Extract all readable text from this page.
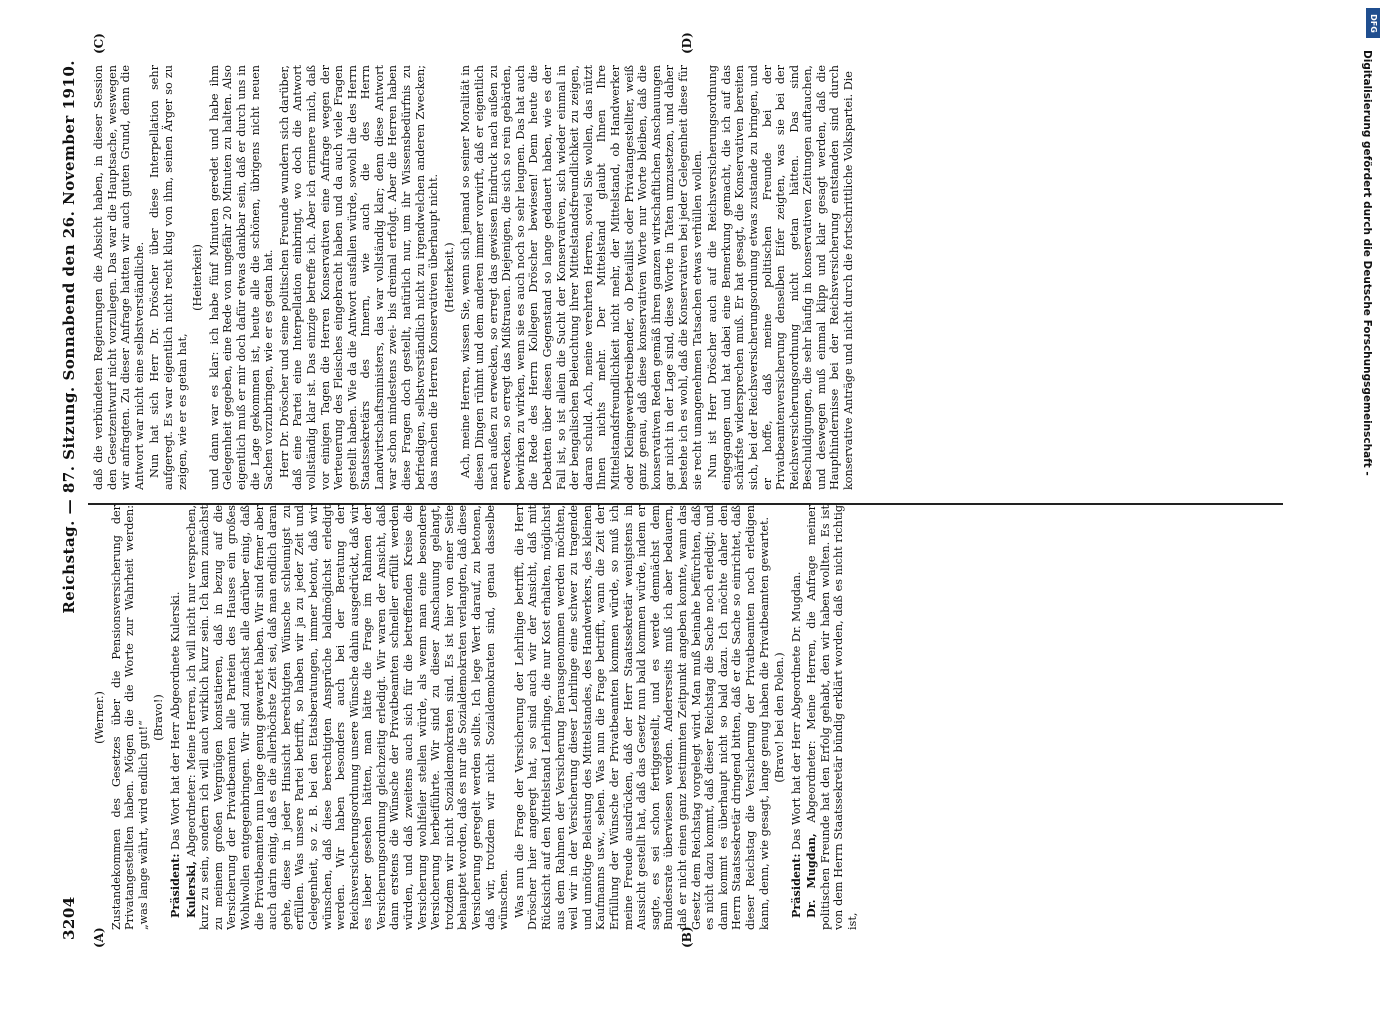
3204
Reichstag. — 87. Sitzung.
Sonnabend den 26. November 1910.
(A)	(B)
(C)	(D)

(Werner.) Zustandekommen des Gesetzes über die Pensionsversicherung der Privatangestellten haben. Mögen die die Worte zur Wahrheit werden: „was lange währt, wird endlich gut!“

(Bravo!)

Präsident: Das Wort hat der Herr Abgeordnete Kulerski.

Kulerski, Abgeordneter: Meine Herren, ich will nicht nur versprechen, kurz zu sein, sondern ich will auch wirklich kurz sein. Ich kann zunächst zu meinem großen Vergnügen konstatieren, daß in bezug auf die Versicherung der Privatbeamten alle Parteien des Hauses ein großes Wohlwollen entgegenbringen. Wir sind zunächst alle darüber einig, daß die Privatbeamten nun lange genug gewartet haben. Wir sind ferner aber auch darin einig, daß es die allerhöchste Zeit sei, daß man endlich daran gehe, diese in jeder Hinsicht berechtigten Wünsche schleunigst zu erfüllen. Was unsere Partei betrifft, so haben wir ja zu jeder Zeit und Gelegenheit, so z. B. bei den Etatsberatungen, immer betont, daß wir wünschen, daß diese berechtigten Ansprüche baldmöglichst erledigt werden. Wir haben besonders auch bei der Beratung der Reichsversicherungsordnung unsere Wünsche dahin ausgedrückt, daß wir es lieber gesehen hätten, man hätte die Frage im Rahmen der Versicherungsordnung gleichzeitig erledigt. Wir waren der Ansicht, daß dann erstens die Wünsche der Privatbeamten schneller erfüllt werden würden, und daß zweitens auch sich für die betreffenden Kreise die Versicherung wohlfeiler stellen würde, als wenn man eine besondere Versicherung herbeiführte. Wir sind zu dieser Anschauung gelangt, trotzdem wir nicht Sozialdemokraten sind. Es ist hier von einer Seite behauptet worden, daß es nur die Sozialdemokraten verlangten, daß diese Versicherung geregelt werden sollte. Ich lege Wert darauf, zu betonen, daß wir, trotzdem wir nicht Sozialdemokraten sind, genau dasselbe wünschen. Was nun die Frage der Versicherung der Lehrlinge betrifft, die Herr Dröscher hier angeregt hat, so sind auch wir der Ansicht, daß mit Rücksicht auf den Mittelstand Lehrlinge, die nur Kost erhalten, möglichst aus dem Rahmen der Versicherung herausgenommen werden möchten, weil wir in der Versicherung dieser Lehrlinge eine schwer zu tragende und unnötige Belastung des Mittelstandes, des Handwerkers, des kleinen Kaufmanns usw., sehen. Was nun die Frage betrifft, wann die Zeit der Erfüllung der Wünsche der Privatbeamten kommen würde, so muß ich meine Freude ausdrücken, daß der Herr Staatssekretär wenigstens in Aussicht gestellt hat, daß das Gesetz nun bald kommen würde, indem er sagte, es sei schon fertiggestellt, und es werde demnächst dem Bundesrate überwiesen werden. Andererseits muß ich aber bedauern, daß er nicht einen ganz bestimmten Zeitpunkt angeben konnte, wann das Gesetz dem Reichstag vorgelegt wird. Man muß beinahe befürchten, daß es nicht dazu kommt, daß dieser Reichstag die Sache noch erledigt; und dann kommt es überhaupt nicht so bald dazu. Ich möchte daher den Herrn Staatssekretär dringend bitten, daß er die Sache so einrichtet, daß dieser Reichstag die Versicherung der Privatbeamten noch erledigen kann, denn, wie gesagt, lange genug haben die Privatbeamten gewartet. (Bravo! bei den Polen.)

Präsident: Das Wort hat der Herr Abgeordnete Dr. Mugdan.

Dr. Mugdan, Abgeordneter: Meine Herren, die Anfrage meiner politischen Freunde hat den Erfolg gehabt, den wir haben wollten. Es ist von dem Herrn Staatssekretär bündig erklärt worden, daß es nicht richtig ist,

daß die verbündeten Regierungen die Absicht haben, in dieser Session den Gesetzentwurf nicht vorzulegen. Das war die Hauptsache, weswegen wir anfragten. Zu dieser Anfrage hatten wir auch guten Grund, denn die Antwort war nicht eine selbstverständliche. Nun hat sich Herr Dr. Dröscher über diese Interpellation sehr aufgeregt. Es war eigentlich nicht recht klug von ihm, seinen Ärger so zu zeigen, wie er es getan hat,

(Heiterkeit) und dann war es klar: ich habe fünf Minuten geredet und habe ihm Gelegenheit gegeben, eine Rede von ungefähr 20 Minuten zu halten. Also eigentlich muß er mir doch dafür etwas dankbar sein, daß er durch uns in die Lage gekommen ist, heute alle die schönen, übrigens nicht neuen Sachen vorzubringen, wie er es getan hat. Herr Dr. Dröscher und seine politischen Freunde wundern sich darüber, daß eine Partei eine Interpellation einbringt, wo doch die Antwort vollständig klar ist. Das einzige betreffe ich. Aber ich erinnere mich, daß vor einigen Tagen die Herren Konservativen eine Anfrage wegen der Verteuerung des Fleisches eingebracht haben und da auch viele Fragen gestellt haben. Wie da die Antwort ausfallen würde, sowohl die des Herrn Staatssekretärs des Innern, wie auch die des Herrn Landwirtschaftsministers, das war vollständig klar; denn diese Antwort war schon mindestens zwei- bis dreimal erfolgt. Aber die Herren haben diese Fragen doch gestellt, natürlich nur, um ihr Wissensbedürfnis zu befriedigen, selbstverständlich nicht zu irgendwelchen anderen Zwecken; das machen die Herren Konservativen überhaupt nicht. (Heiterkeit.) Ach, meine Herren, wissen Sie, wenn sich jemand so seiner Moralität in diesen Dingen rühmt und dem anderen immer vorwirft, daß er eigentlich nach außen zu erwecken, so erregt das gewissen Eindruck nach außen zu erwecken, so erregt das Mißtrauen. Diejenigen, die sich so rein gebärden, bewirken zu wirken, wenn sie es auch noch so sehr leugnen. Das hat auch die Rede des Herrn Kollegen Dröscher bewiesen! Denn heute die Debatten über diesen Gegenstand so lange gedauert haben, wie es der Fall ist, so ist allein die Sucht der Konservativen, sich wieder einmal in der bengalischen Beleuchtung ihrer Mittelstandsfreundlichkeit zu zeigen, daran schuld. Ach, meine verehrten Herren, soviel Sie wollen, das nützt Ihnen nichts mehr. Der Mittelstand glaubt Ihnen Ihre Mittelstandsfreundlichkeit nicht mehr, der Mittelstand, ob Handwerker oder Kleingewerbetreibender, ob Detaillist oder Privatangestellter, weiß ganz genau, daß diese konservativen Worte nur Worte bleiben, daß die konservativen Reden gemäß ihren ganzen wirtschaftlichen Anschauungen gar nicht in der Lage sind, diese Worte in Taten umzusetzen, und daher bestehe ich es wohl, daß die Konservativen bei jeder Gelegenheit diese für sie recht unangenehmen Tatsachen etwas verhüllen wollen. Nun ist Herr Dröscher auch auf die Reichsversicherungsordnung eingegangen und hat dabei eine Bemerkung gemacht, die ich auf das schärfste widersprechen muß. Er hat gesagt, die Konservativen bereiten sich, bei der Reichsversicherungsordnung etwas zustande zu bringen, und er hoffe, daß meine politischen Freunde bei der Privatbeamtenversicherung denselben Eifer zeigten, was sie bei der Reichsversicherungsordnung nicht getan hätten. Das sind Beschuldigungen, die sehr häufig in konservativen Zeitungen auftauchen, und deswegen muß einmal klipp und klar gesagt werden, daß die Haupthindernisse bei der Reichsversicherung entstanden sind durch konservative Anträge und nicht durch die fortschrittliche Volkspartei. Die

DFG
Digitalisierung gefördert durch die Deutsche Forschungsgemeinschaft -
